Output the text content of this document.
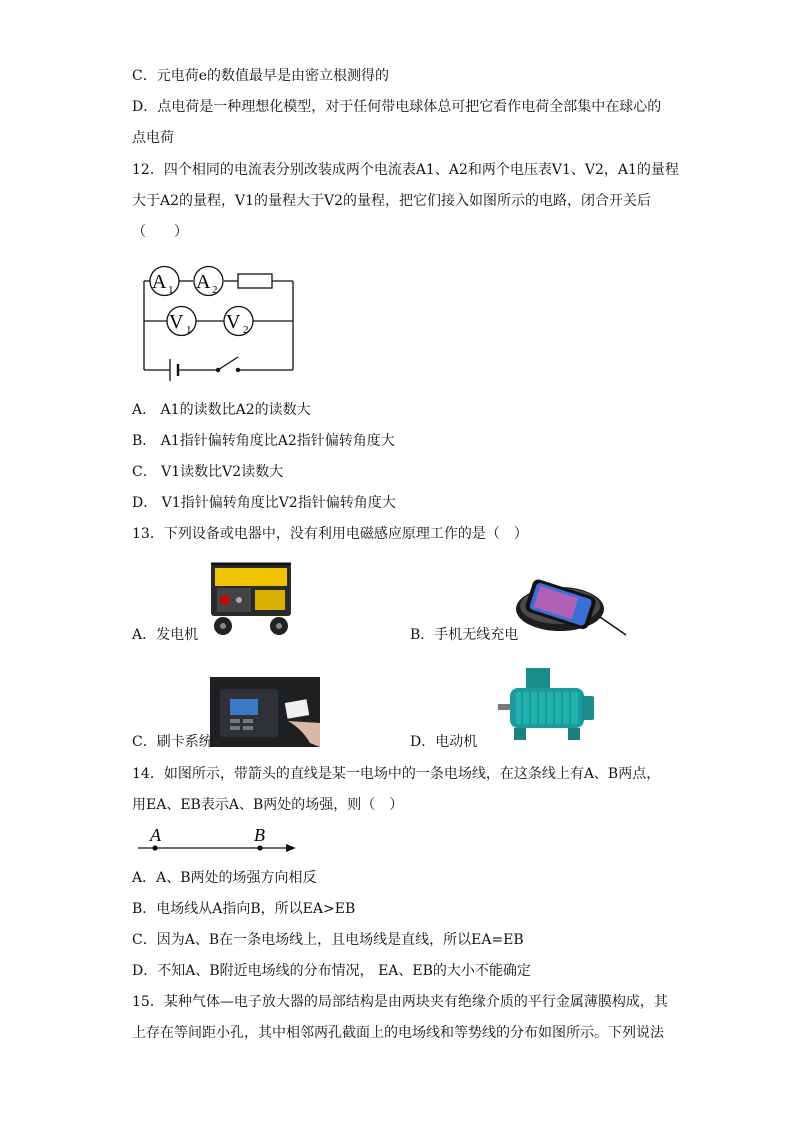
C．元电荷e的数值最早是由密立根测得的
D．点电荷是一种理想化模型，对于任何带电球体总可把它看作电荷全部集中在球心的
点电荷
12．四个相同的电流表分别改装成两个电流表A1、A2和两个电压表V1、V2，A1的量程
大于A2的量程，V1的量程大于V2的量程，把它们接入如图所示的电路，闭合开关后
（　　）
A 1 A 2
V 1 V 2
A． A1的读数比A2的读数大
B． A1指针偏转角度比A2指针偏转角度大
C． V1读数比V2读数大
D． V1指针偏转角度比V2指针偏转角度大
13．下列设备或电器中，没有利用电磁感应原理工作的是（　）
A．发电机	B．手机无线充电
C．刷卡系统	D．电动机
14．如图所示，带箭头的直线是某一电场中的一条电场线，在这条线上有A、B两点，
用EA、EB表示A、B两处的场强，则（　）
A	B
A．A、B两处的场强方向相反
B．电场线从A指向B，所以EA>EB
C．因为A、B在一条电场线上，且电场线是直线，所以EA=EB
D．不知A、B附近电场线的分布情况， EA、EB的大小不能确定
15．某种气体—电子放大器的局部结构是由两块夹有绝缘介质的平行金属薄膜构成，其
上存在等间距小孔，其中相邻两孔截面上的电场线和等势线的分布如图所示。下列说法
